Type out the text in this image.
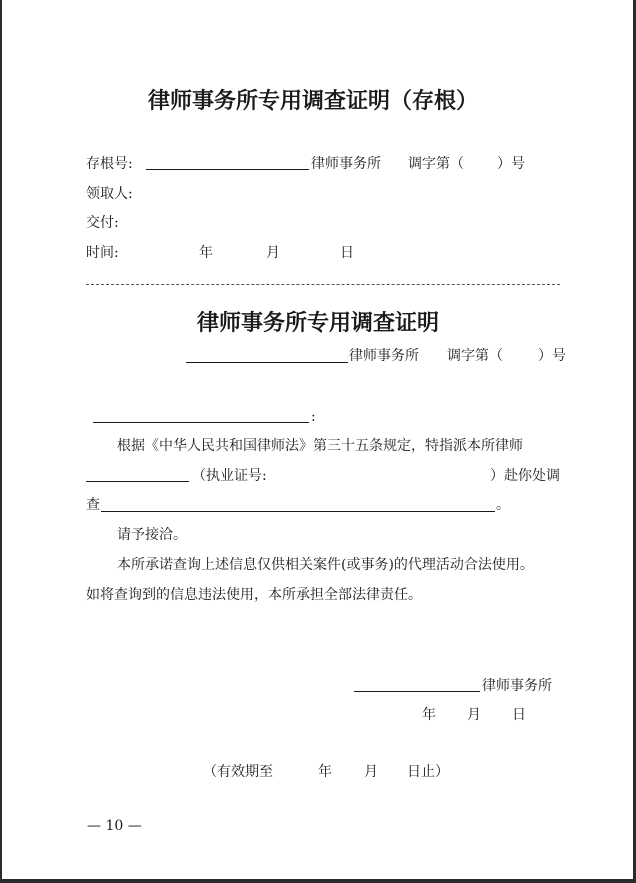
律师事务所专用调查证明（存根）
存根号:	律师事务所 调字第（ ）号
领取人:
交付:
时间:	年	月	日
律师事务所专用调查证明
律师事务所 调字第（	）号
:
根据《中华人民共和国律师法》第三十五条规定，特指派本所律师
（执业证号:	）赴你处调
查	。
请予接洽。
本所承诺查询上述信息仅供相关案件(或事务)的代理活动合法使用。
如将查询到的信息违法使用，本所承担全部法律责任。
律师事务所
年 月 日
（有效期至	年 月 日止）
— 10 —
